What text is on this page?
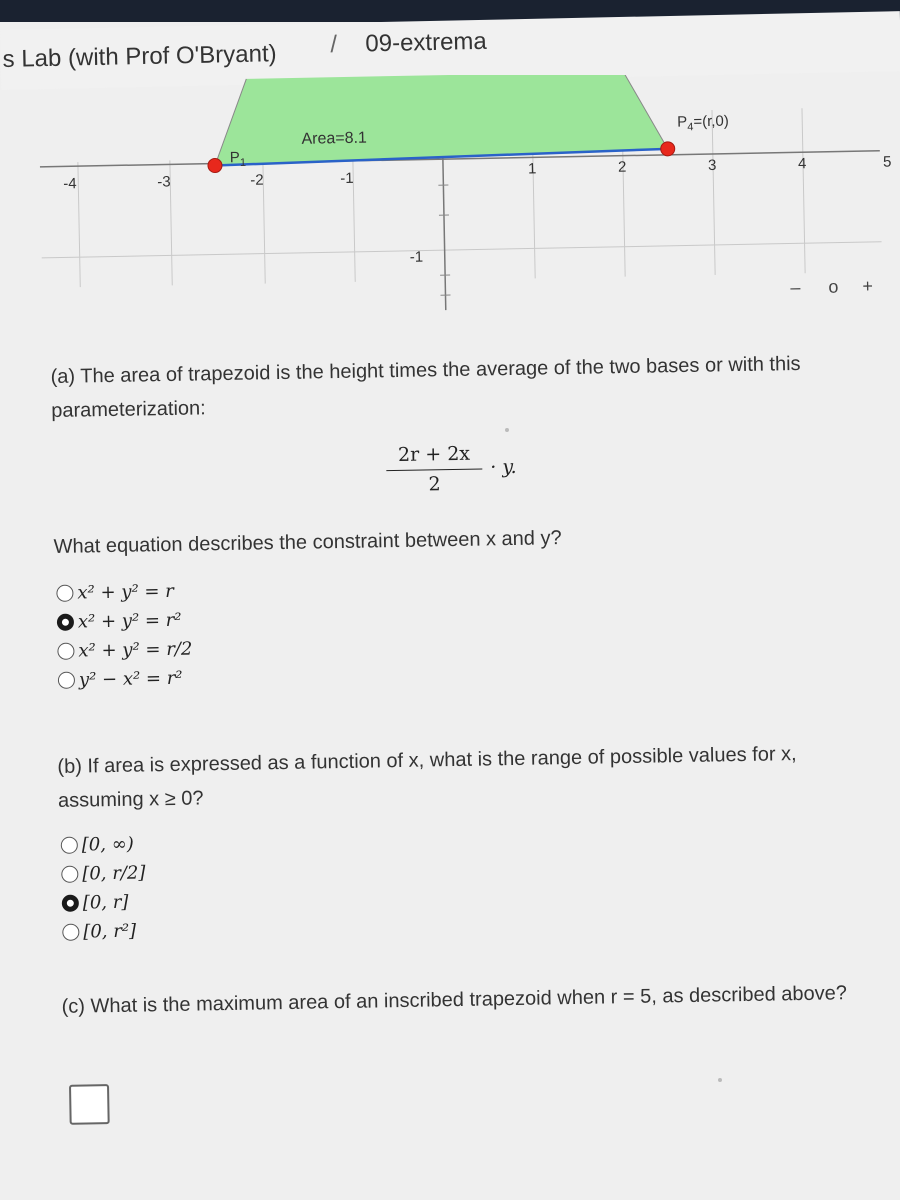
s Lab (with Prof O'Bryant) / 09-extrema
Area=8.1
$P_1$
$P_4=(r,0)$
-4	-3	-2	-1
1	2	3	4	5
-1
– o +
(a) The area of trapezoid is the height times the average of the two bases or with this parameterization:
2r + 2x
2
· y.
What equation describes the constraint between x and y?
x² + y² = r
x² + y² = r²
x² + y² = r/2
y² − x² = r²
(b) If area is expressed as a function of x, what is the range of possible values for x, assuming x ≥ 0?
[0, ∞)
[0, r/2]
[0, r]
[0, r²]
(c) What is the maximum area of an inscribed trapezoid when r = 5, as described above?
